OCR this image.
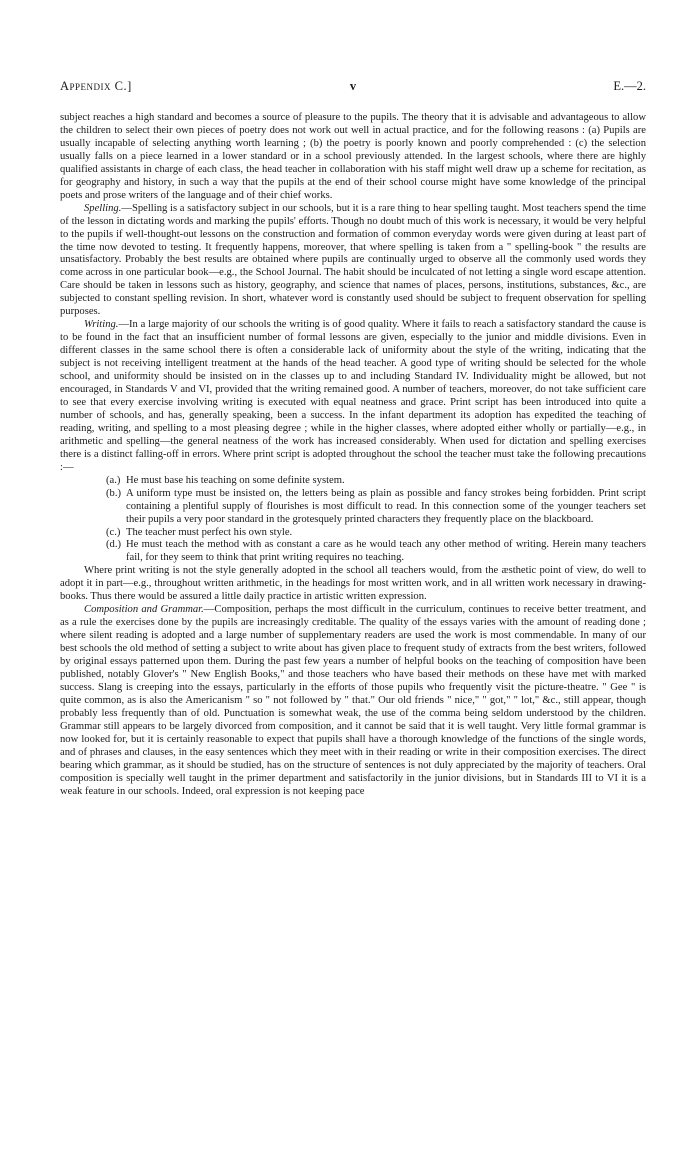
Appendix C.]	v	E.—2.

subject reaches a high standard and becomes a source of pleasure to the pupils. The theory that it is advisable and advantageous to allow the children to select their own pieces of poetry does not work out well in actual practice, and for the following reasons : (a) Pupils are usually incapable of selecting anything worth learning ; (b) the poetry is poorly known and poorly comprehended : (c) the selection usually falls on a piece learned in a lower standard or in a school previously attended. In the largest schools, where there are highly qualified assistants in charge of each class, the head teacher in collaboration with his staff might well draw up a scheme for recitation, as for geography and history, in such a way that the pupils at the end of their school course might have some knowledge of the principal poets and prose writers of the language and of their chief works.

Spelling.—Spelling is a satisfactory subject in our schools, but it is a rare thing to hear spelling taught. Most teachers spend the time of the lesson in dictating words and marking the pupils' efforts. Though no doubt much of this work is necessary, it would be very helpful to the pupils if well-thought-out lessons on the construction and formation of common everyday words were given during at least part of the time now devoted to testing. It frequently happens, moreover, that where spelling is taken from a " spelling-book " the results are unsatisfactory. Probably the best results are obtained where pupils are continually urged to observe all the commonly used words they come across in one particular book—e.g., the School Journal. The habit should be inculcated of not letting a single word escape attention. Care should be taken in lessons such as history, geography, and science that names of places, persons, institutions, substances, &c., are subjected to constant spelling revision. In short, whatever word is constantly used should be subject to frequent observation for spelling purposes.

Writing.—In a large majority of our schools the writing is of good quality. Where it fails to reach a satisfactory standard the cause is to be found in the fact that an insufficient number of formal lessons are given, especially to the junior and middle divisions. Even in different classes in the same school there is often a considerable lack of uniformity about the style of the writing, indicating that the subject is not receiving intelligent treatment at the hands of the head teacher. A good type of writing should be selected for the whole school, and uniformity should be insisted on in the classes up to and including Standard IV. Individuality might be allowed, but not encouraged, in Standards V and VI, provided that the writing remained good. A number of teachers, moreover, do not take sufficient care to see that every exercise involving writing is executed with equal neatness and grace. Print script has been introduced into quite a number of schools, and has, generally speaking, been a success. In the infant department its adoption has expedited the teaching of reading, writing, and spelling to a most pleasing degree ; while in the higher classes, where adopted either wholly or partially—e.g., in arithmetic and spelling—the general neatness of the work has increased considerably. When used for dictation and spelling exercises there is a distinct falling-off in errors. Where print script is adopted throughout the school the teacher must take the following precautions :—

(a.) He must base his teaching on some definite system.
(b.) A uniform type must be insisted on, the letters being as plain as possible and fancy strokes being forbidden. Print script containing a plentiful supply of flourishes is most difficult to read. In this connection some of the younger teachers set their pupils a very poor standard in the grotesquely printed characters they frequently place on the blackboard.
(c.) The teacher must perfect his own style.
(d.) He must teach the method with as constant a care as he would teach any other method of writing. Herein many teachers fail, for they seem to think that print writing requires no teaching.

Where print writing is not the style generally adopted in the school all teachers would, from the æsthetic point of view, do well to adopt it in part—e.g., throughout written arithmetic, in the headings for most written work, and in all written work necessary in drawing-books. Thus there would be assured a little daily practice in artistic written expression.

Composition and Grammar.—Composition, perhaps the most difficult in the curriculum, continues to receive better treatment, and as a rule the exercises done by the pupils are increasingly creditable. The quality of the essays varies with the amount of reading done ; where silent reading is adopted and a large number of supplementary readers are used the work is most commendable. In many of our best schools the old method of setting a subject to write about has given place to frequent study of extracts from the best writers, followed by original essays patterned upon them. During the past few years a number of helpful books on the teaching of composition have been published, notably Glover's " New English Books," and those teachers who have based their methods on these have met with marked success. Slang is creeping into the essays, particularly in the efforts of those pupils who frequently visit the picture-theatre. " Gee " is quite common, as is also the Americanism " so " not followed by " that." Our old friends " nice," " got," " lot," &c., still appear, though probably less frequently than of old. Punctuation is somewhat weak, the use of the comma being seldom understood by the children. Grammar still appears to be largely divorced from composition, and it cannot be said that it is well taught. Very little formal grammar is now looked for, but it is certainly reasonable to expect that pupils shall have a thorough knowledge of the functions of the single words, and of phrases and clauses, in the easy sentences which they meet with in their reading or write in their composition exercises. The direct bearing which grammar, as it should be studied, has on the structure of sentences is not duly appreciated by the majority of teachers. Oral composition is specially well taught in the primer department and satisfactorily in the junior divisions, but in Standards III to VI it is a weak feature in our schools. Indeed, oral expression is not keeping pace
